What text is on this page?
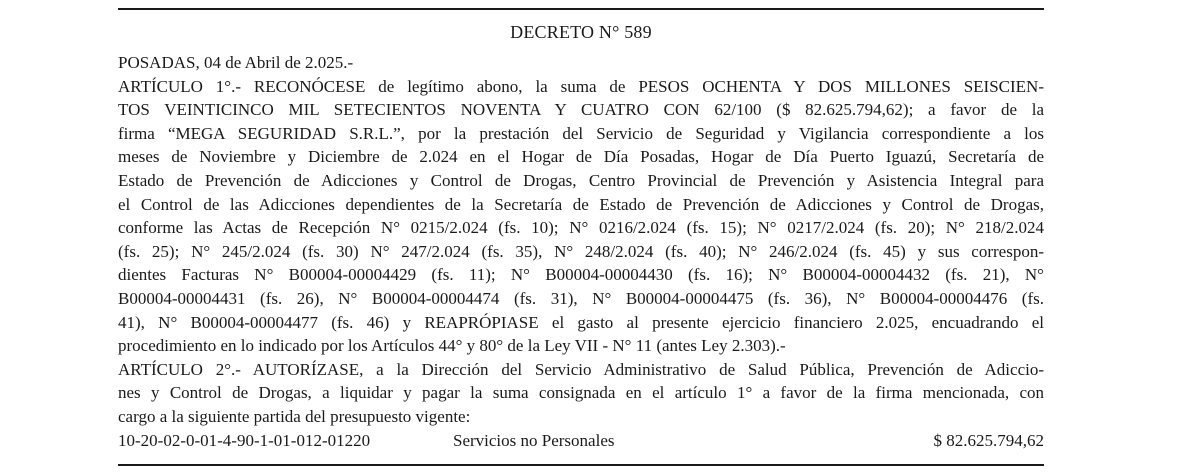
DECRETO N° 589
POSADAS, 04 de Abril de 2.025.-
ARTÍCULO 1°.- RECONÓCESE de legítimo abono, la suma de PESOS OCHENTA Y DOS MILLONES SEISCIEN-
TOS VEINTICINCO MIL SETECIENTOS NOVENTA Y CUATRO CON 62/100 ($ 82.625.794,62); a favor de la
firma “MEGA SEGURIDAD S.R.L.”, por la prestación del Servicio de Seguridad y Vigilancia correspondiente a los
meses de Noviembre y Diciembre de 2.024 en el Hogar de Día Posadas, Hogar de Día Puerto Iguazú, Secretaría de
Estado de Prevención de Adicciones y Control de Drogas, Centro Provincial de Prevención y Asistencia Integral para
el Control de las Adicciones dependientes de la Secretaría de Estado de Prevención de Adicciones y Control de Drogas,
conforme las Actas de Recepción N° 0215/2.024 (fs. 10); N° 0216/2.024 (fs. 15); N° 0217/2.024 (fs. 20); N° 218/2.024
(fs. 25); N° 245/2.024 (fs. 30) N° 247/2.024 (fs. 35), N° 248/2.024 (fs. 40); N° 246/2.024 (fs. 45) y sus correspon-
dientes Facturas N° B00004-00004429 (fs. 11); N° B00004-00004430 (fs. 16); N° B00004-00004432 (fs. 21), N°
B00004-00004431 (fs. 26), N° B00004-00004474 (fs. 31), N° B00004-00004475 (fs. 36), N° B00004-00004476 (fs.
41), N° B00004-00004477 (fs. 46) y REAPRÓPIASE el gasto al presente ejercicio financiero 2.025, encuadrando el
procedimiento en lo indicado por los Artículos 44° y 80° de la Ley VII - N° 11 (antes Ley 2.303).-
ARTÍCULO 2°.- AUTORÍZASE, a la Dirección del Servicio Administrativo de Salud Pública, Prevención de Adiccio-
nes y Control de Drogas, a liquidar y pagar la suma consignada en el artículo 1° a favor de la firma mencionada, con
cargo a la siguiente partida del presupuesto vigente:
10-20-02-0-01-4-90-1-01-012-01220	Servicios no Personales	$ 82.625.794,62
